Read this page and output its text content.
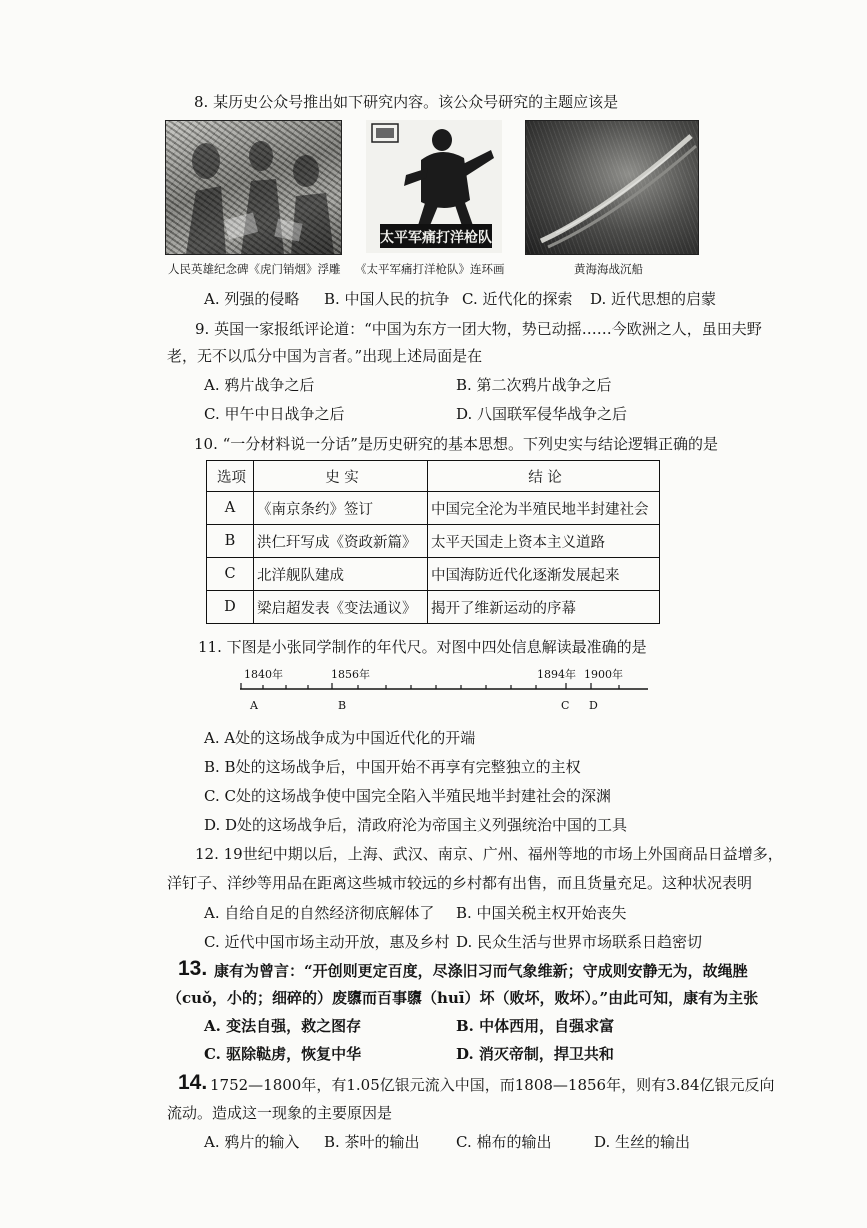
8. 某历史公众号推出如下研究内容。该公众号研究的主题应该是
太平军痛打洋枪队
人民英雄纪念碑《虎门销烟》浮雕 《太平军痛打洋枪队》连环画	黄海海战沉船
A. 列强的侵略 B. 中国人民的抗争 C. 近代化的探索 D. 近代思想的启蒙
9. 英国一家报纸评论道：“中国为东方一团大物，势已动摇……今欧洲之人，虽田夫野
老，无不以瓜分中国为言者。”出现上述局面是在
A. 鸦片战争之后	B. 第二次鸦片战争之后
C. 甲午中日战争之后	D. 八国联军侵华战争之后
10. “一分材料说一分话”是历史研究的基本思想。下列史实与结论逻辑正确的是
选项	史 实	结 论
A	《南京条约》签订	中国完全沦为半殖民地半封建社会
B	洪仁玕写成《资政新篇》	太平天国走上资本主义道路
C	北洋舰队建成	中国海防近代化逐渐发展起来
D	梁启超发表《变法通议》	揭开了维新运动的序幕
11. 下图是小张同学制作的年代尺。对图中四处信息解读最准确的是
1840年	1856年	1894年 1900年
A	B	C D
A. A处的这场战争成为中国近代化的开端
B. B处的这场战争后，中国开始不再享有完整独立的主权
C. C处的这场战争使中国完全陷入半殖民地半封建社会的深渊
D. D处的这场战争后，清政府沦为帝国主义列强统治中国的工具
12. 19世纪中期以后，上海、武汉、南京、广州、福州等地的市场上外国商品日益增多，
洋钉子、洋纱等用品在距离这些城市较远的乡村都有出售，而且货量充足。这种状况表明
A. 自给自足的自然经济彻底解体了 B. 中国关税主权开始丧失
C. 近代中国市场主动开放，惠及乡村 D. 民众生活与世界市场联系日趋密切
13. 康有为曾言：“开创则更定百度，尽涤旧习而气象维新；守成则安静无为，故绳脞
（cuǒ，小的；细碎的）废隳而百事隳（huī）坏（败坏，败坏）。”由此可知，康有为主张
A. 变法自强，救之图存	B. 中体西用，自强求富
C. 驱除鞑虏，恢复中华	D. 消灭帝制，捍卫共和
14. 1752—1800年，有1.05亿银元流入中国，而1808—1856年，则有3.84亿银元反向
流动。造成这一现象的主要原因是
A. 鸦片的输入 B. 茶叶的输出 C. 棉布的输出	D. 生丝的输出
